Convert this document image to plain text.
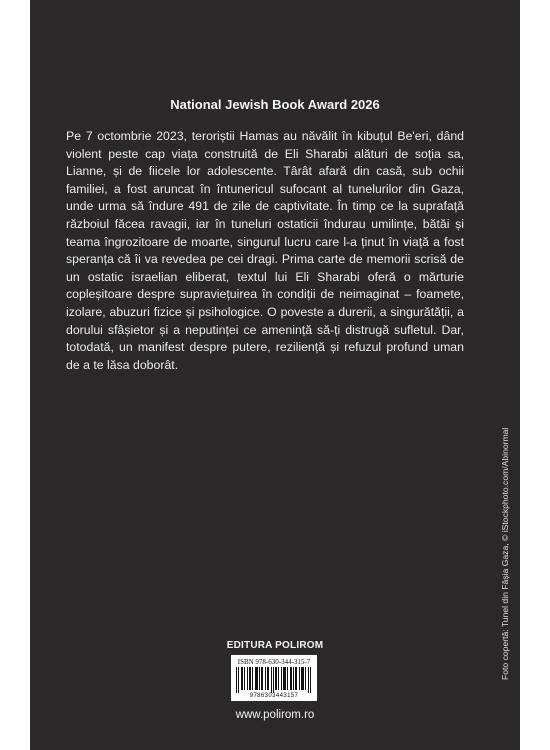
National Jewish Book Award 2026

Pe 7 octombrie 2023, teroriștii Hamas au năvălit în kibuțul Be'eri, dând violent peste cap viața construită de Eli Sharabi alături de soția sa, Lianne, și de fiicele lor adolescente. Târât afară din casă, sub ochii familiei, a fost aruncat în întunericul sufocant al tunelurilor din Gaza, unde urma să îndure 491 de zile de captivitate. În timp ce la suprafață războiul făcea ravagii, iar în tuneluri ostaticii îndurau umilințe, bătăi și teama îngrozitoare de moarte, singurul lucru care l-a ținut în viață a fost speranța că îi va revedea pe cei dragi. Prima carte de memorii scrisă de un ostatic israelian eliberat, textul lui Eli Sharabi oferă o mărturie copleșitoare despre supraviețuirea în condiții de neimaginat – foamete, izolare, abuzuri fizice și psihologice. O poveste a durerii, a singurătății, a dorului sfâșietor și a neputinței ce amenință să-ți distrugă sufletul. Dar, totodată, un manifest despre putere, reziliență și refuzul profund uman de a te lăsa doborât.

EDITURA POLIROM
ISBN 978-630-344-315-7
9786303443157
www.polirom.ro
Foto copertă: Tunel din Fâșia Gaza, © iStockphoto.com/Abinormal
